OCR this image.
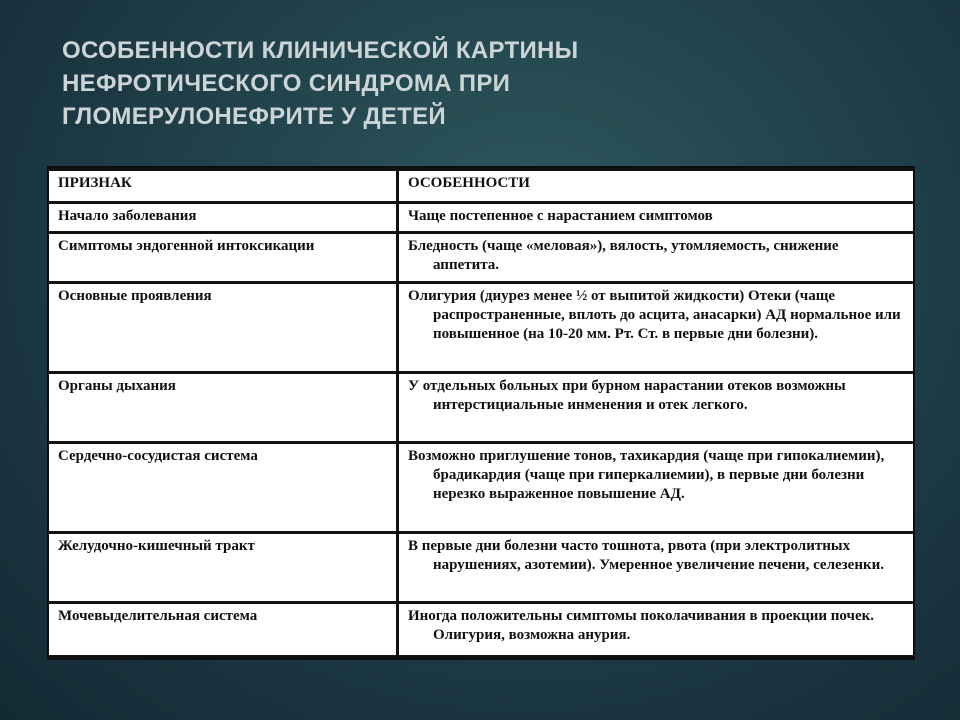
ОСОБЕННОСТИ КЛИНИЧЕСКОЙ КАРТИНЫ
НЕФРОТИЧЕСКОГО СИНДРОМА ПРИ
ГЛОМЕРУЛОНЕФРИТЕ У ДЕТЕЙ
ПРИЗНАК	ОСОБЕННОСТИ
Начало заболевания	Чаще постепенное с нарастанием симптомов

Симптомы эндогенной интоксикации	Бледность (чаще «меловая»), вялость, утомляемость, снижение аппетита.

Основные проявления	Олигурия (диурез менее ½ от выпитой жидкости) Отеки (чаще распространенные, вплоть до асцита, анасарки) АД нормальное или повышенное (на 10-20 мм. Рт. Ст. в первые дни болезни).

Органы дыхания	У отдельных больных при бурном нарастании отеков возможны интерстициальные инменения и отек легкого.

Сердечно-сосудистая система	Возможно приглушение тонов, тахикардия (чаще при гипокалиемии), брадикардия (чаще при гиперкалиемии), в первые дни болезни нерезко выраженное повышение АД.

Желудочно-кишечный тракт	В первые дни болезни часто тошнота, рвота (при электролитных нарушениях, азотемии). Умеренное увеличение печени, селезенки.

Мочевыделительная система	Иногда положительны симптомы поколачивания в проекции почек. Олигурия, возможна анурия.
